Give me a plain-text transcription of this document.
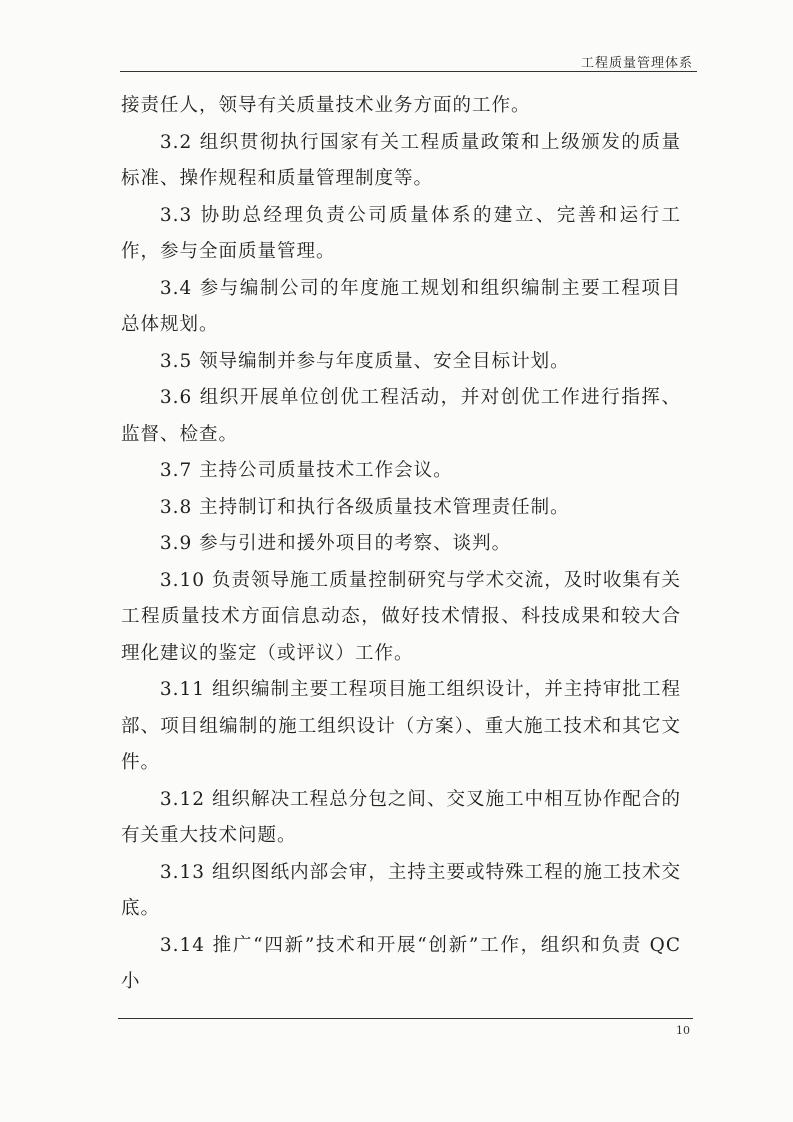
工程质量管理体系

接责任人，领导有关质量技术业务方面的工作。

3.2 组织贯彻执行国家有关工程质量政策和上级颁发的质量标准、操作规程和质量管理制度等。

3.3 协助总经理负责公司质量体系的建立、完善和运行工作，参与全面质量管理。

3.4 参与编制公司的年度施工规划和组织编制主要工程项目总体规划。

3.5 领导编制并参与年度质量、安全目标计划。

3.6 组织开展单位创优工程活动，并对创优工作进行指挥、监督、检查。

3.7 主持公司质量技术工作会议。

3.8 主持制订和执行各级质量技术管理责任制。

3.9 参与引进和援外项目的考察、谈判。

3.10 负责领导施工质量控制研究与学术交流，及时收集有关工程质量技术方面信息动态，做好技术情报、科技成果和较大合理化建议的鉴定（或评议）工作。

3.11 组织编制主要工程项目施工组织设计，并主持审批工程部、项目组编制的施工组织设计（方案）、重大施工技术和其它文件。

3.12 组织解决工程总分包之间、交叉施工中相互协作配合的有关重大技术问题。

3.13 组织图纸内部会审，主持主要或特殊工程的施工技术交底。

3.14 推广“四新”技术和开展“创新”工作，组织和负责 QC 小

10
